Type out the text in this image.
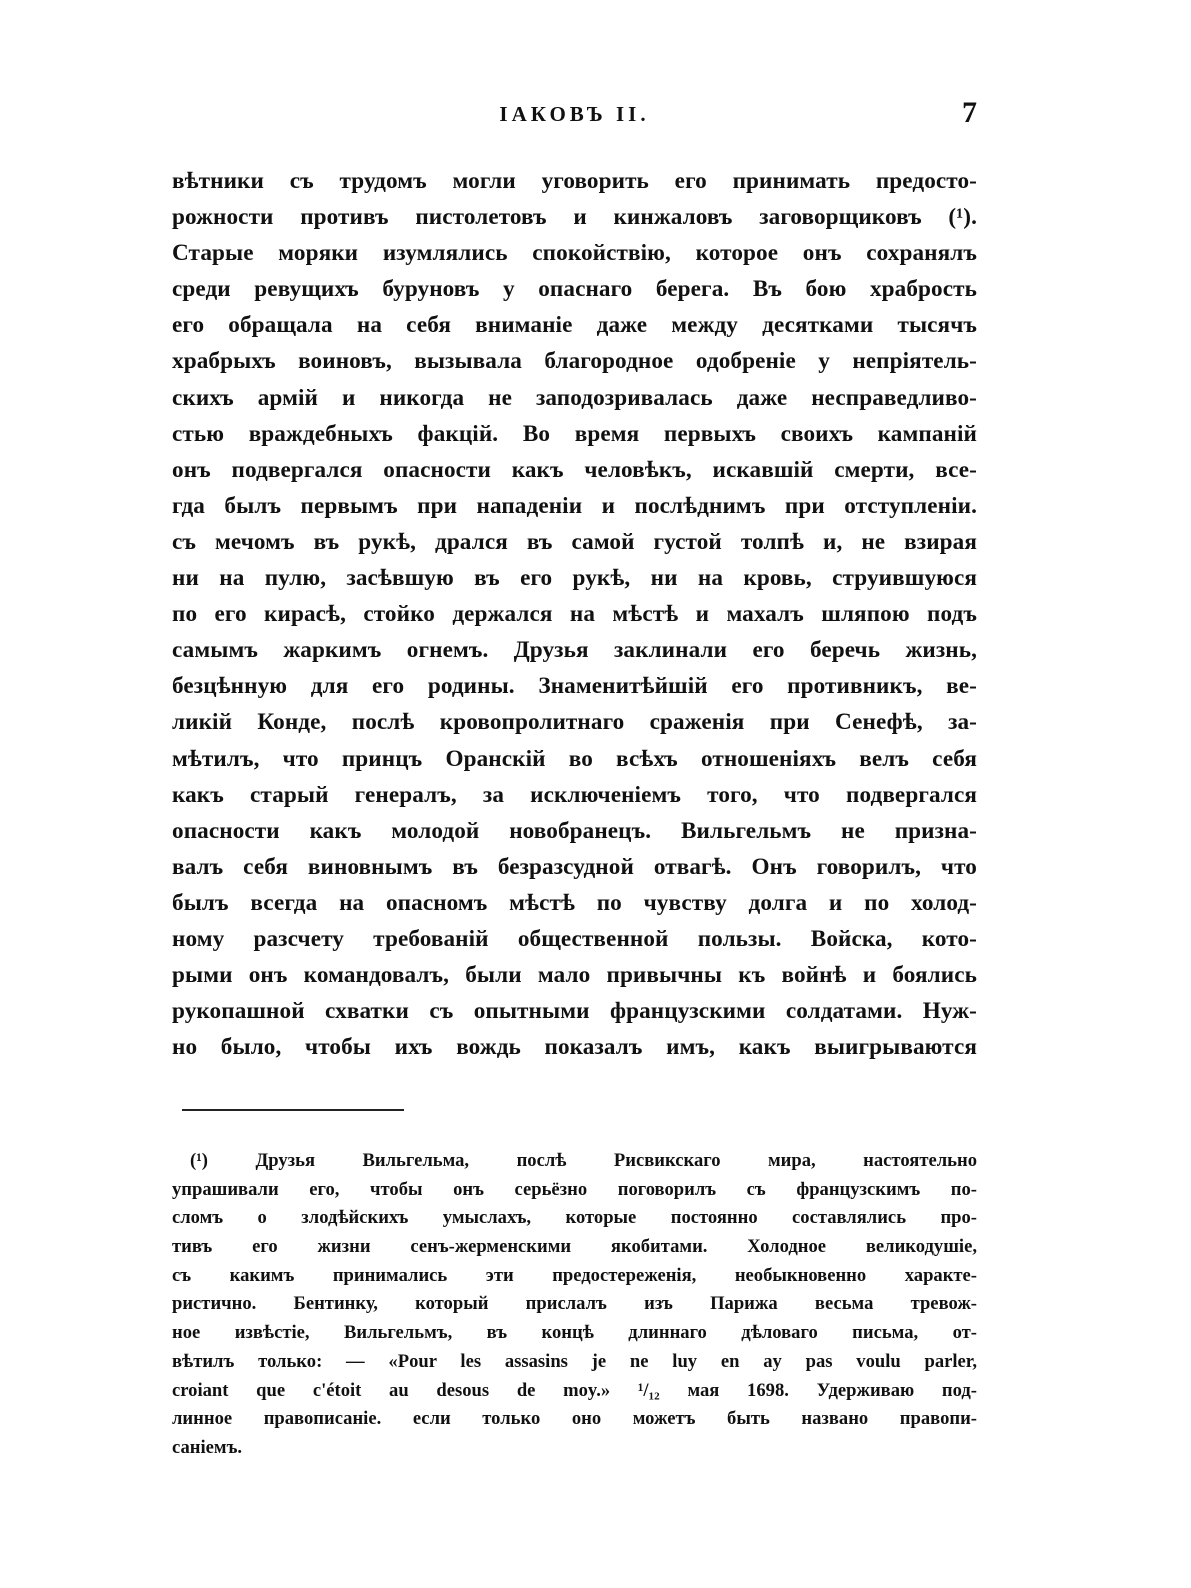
ІАКОВЪ II.	7
вѣтники съ трудомъ могли уговорить его принимать предосто-
рожности противъ пистолетовъ и кинжаловъ заговорщиковъ (¹).
Старые моряки изумлялись спокойствію, которое онъ сохранялъ
среди ревущихъ буруновъ у опаснаго берега. Въ бою храбрость
его обращала на себя вниманіе даже между десятками тысячъ
храбрыхъ воиновъ, вызывала благородное одобреніе у непріятель-
скихъ армій и никогда не заподозривалась даже несправедливо-
стью враждебныхъ факцій. Во время первыхъ своихъ кампаній
онъ подвергался опасности какъ человѣкъ, искавшій смерти, все-
гда былъ первымъ при нападеніи и послѣднимъ при отступленіи.
съ мечомъ въ рукѣ, дрался въ самой густой толпѣ и, не взирая
ни на пулю, засѣвшую въ его рукѣ, ни на кровь, струившуюся
по его кирасѣ, стойко держался на мѣстѣ и махалъ шляпою подъ
самымъ жаркимъ огнемъ. Друзья заклинали его беречь жизнь,
безцѣнную для его родины. Знаменитѣйшій его противникъ, ве-
ликій Конде, послѣ кровопролитнаго сраженія при Сенефѣ, за-
мѣтилъ, что принцъ Оранскій во всѣхъ отношеніяхъ велъ себя
какъ старый генералъ, за исключеніемъ того, что подвергался
опасности какъ молодой новобранецъ. Вильгельмъ не призна-
валъ себя виновнымъ въ безразсудной отвагѣ. Онъ говорилъ, что
былъ всегда на опасномъ мѣстѣ по чувству долга и по холод-
ному разсчету требованій общественной пользы. Войска, кото-
рыми онъ командовалъ, были мало привычны къ войнѣ и боялись
рукопашной схватки съ опытными французскими солдатами. Нуж-
но было, чтобы ихъ вождь показалъ имъ, какъ выигрываются
(¹) Друзья Вильгельма, послѣ Рисвикскаго мира, настоятельно
упрашивали его, чтобы онъ серьёзно поговорилъ съ французскимъ по-
сломъ о злодѣйскихъ умыслахъ, которые постоянно составлялись про-
тивъ его жизни сенъ-жерменскими якобитами. Холодное великодушіе,
съ какимъ принимались эти предостереженія, необыкновенно характе-
ристично. Бентинку, который прислалъ изъ Парижа весьма тревож-
ное извѣстіе, Вильгельмъ, въ концѣ длиннаго дѣловаго письма, от-
вѣтилъ только: — «Pour les assasins je ne luy en ay pas voulu parler,
croiant que c'étoit au desous de moy.» ¹/₁₂ мая 1698. Удерживаю под-
линное правописаніе. если только оно можетъ быть названо правопи-
саніемъ.
